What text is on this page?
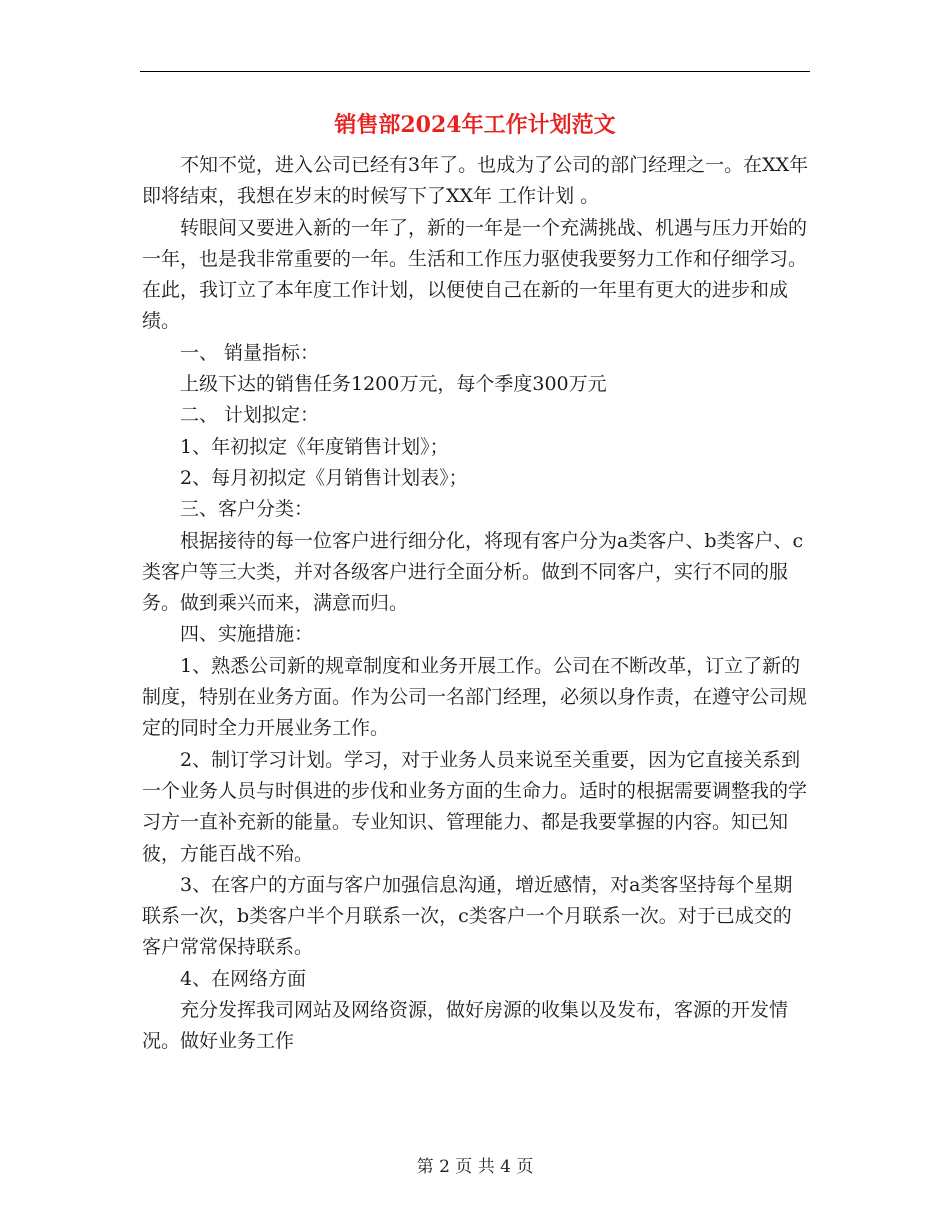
销售部2024年工作计划范文

不知不觉，进入公司已经有3年了。也成为了公司的部门经理之一。在XX年即将结束，我想在岁末的时候写下了XX年 工作计划 。

转眼间又要进入新的一年了，新的一年是一个充满挑战、机遇与压力开始的一年，也是我非常重要的一年。生活和工作压力驱使我要努力工作和仔细学习。在此，我订立了本年度工作计划，以便使自己在新的一年里有更大的进步和成绩。

一、 销量指标：

上级下达的销售任务1200万元，每个季度300万元

二、 计划拟定：

1、年初拟定《年度销售计划》；

2、每月初拟定《月销售计划表》；

三、客户分类：

根据接待的每一位客户进行细分化，将现有客户分为a类客户、b类客户、c类客户等三大类，并对各级客户进行全面分析。做到不同客户，实行不同的服务。做到乘兴而来，满意而归。

四、实施措施：

1、熟悉公司新的规章制度和业务开展工作。公司在不断改革，订立了新的制度，特别在业务方面。作为公司一名部门经理，必须以身作责，在遵守公司规定的同时全力开展业务工作。

2、制订学习计划。学习，对于业务人员来说至关重要，因为它直接关系到一个业务人员与时俱进的步伐和业务方面的生命力。适时的根据需要调整我的学习方一直补充新的能量。专业知识、管理能力、都是我要掌握的内容。知已知彼，方能百战不殆。

3、在客户的方面与客户加强信息沟通，增近感情，对a类客坚持每个星期联系一次，b类客户半个月联系一次，c类客户一个月联系一次。对于已成交的客户常常保持联系。

4、在网络方面

充分发挥我司网站及网络资源，做好房源的收集以及发布，客源的开发情况。做好业务工作

第 2 页 共 4 页
